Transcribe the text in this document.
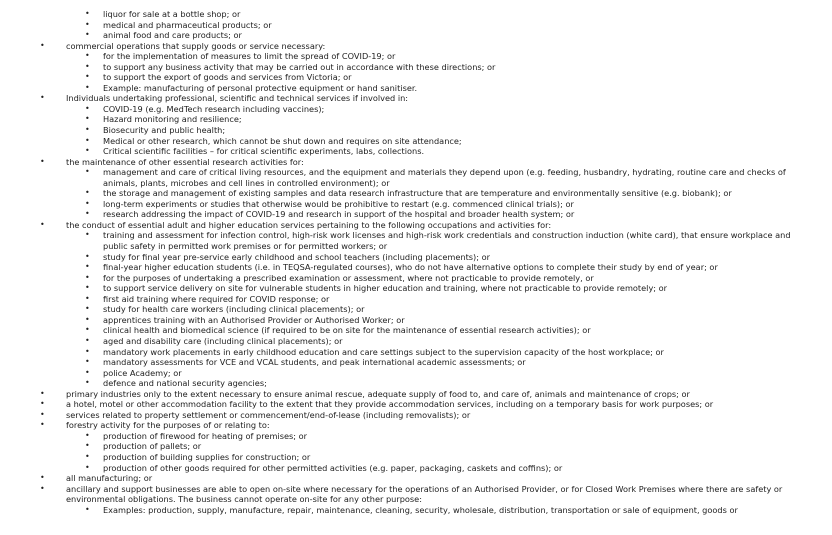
• liquor for sale at a bottle shop; or
• medical and pharmaceutical products; or
• animal food and care products; or
•	commercial operations that supply goods or service necessary:
• for the implementation of measures to limit the spread of COVID-19; or
• to support any business activity that may be carried out in accordance with these directions; or
• to support the export of goods and services from Victoria; or
• Example: manufacturing of personal protective equipment or hand sanitiser.
•	Individuals undertaking professional, scientific and technical services if involved in:
• COVID-19 (e.g. MedTech research including vaccines);
• Hazard monitoring and resilience;
• Biosecurity and public health;
• Medical or other research, which cannot be shut down and requires on site attendance;
• Critical scientific facilities – for critical scientific experiments, labs, collections.
•	the maintenance of other essential research activities for:
• management and care of critical living resources, and the equipment and materials they depend upon (e.g. feeding, husbandry, hydrating, routine care and checks of animals, plants, microbes and cell lines in controlled environment); or
• the storage and management of existing samples and data research infrastructure that are temperature and environmentally sensitive (e.g. biobank); or
• long-term experiments or studies that otherwise would be prohibitive to restart (e.g. commenced clinical trials); or
• research addressing the impact of COVID-19 and research in support of the hospital and broader health system; or
•	the conduct of essential adult and higher education services pertaining to the following occupations and activities for:
• training and assessment for infection control, high-risk work licenses and high-risk work credentials and construction induction (white card), that ensure workplace and public safety in permitted work premises or for permitted workers; or
• study for final year pre-service early childhood and school teachers (including placements); or
• final-year higher education students (i.e. in TEQSA-regulated courses), who do not have alternative options to complete their study by end of year; or
• for the purposes of undertaking a prescribed examination or assessment, where not practicable to provide remotely, or
• to support service delivery on site for vulnerable students in higher education and training, where not practicable to provide remotely; or
• first aid training where required for COVID response; or
• study for health care workers (including clinical placements); or
• apprentices training with an Authorised Provider or Authorised Worker; or
• clinical health and biomedical science (if required to be on site for the maintenance of essential research activities); or
• aged and disability care (including clinical placements); or
• mandatory work placements in early childhood education and care settings subject to the supervision capacity of the host workplace; or
• mandatory assessments for VCE and VCAL students, and peak international academic assessments; or
• police Academy; or
• defence and national security agencies;
•	primary industries only to the extent necessary to ensure animal rescue, adequate supply of food to, and care of, animals and maintenance of crops; or
•	a hotel, motel or other accommodation facility to the extent that they provide accommodation services, including on a temporary basis for work purposes; or
•	services related to property settlement or commencement/end-of-lease (including removalists); or
•	forestry activity for the purposes of or relating to:
• production of firewood for heating of premises; or
• production of pallets; or
• production of building supplies for construction; or
• production of other goods required for other permitted activities (e.g. paper, packaging, caskets and coffins); or
•	all manufacturing; or
•	ancillary and support businesses are able to open on-site where necessary for the operations of an Authorised Provider, or for Closed Work Premises where there are safety or environmental obligations. The business cannot operate on-site for any other purpose:
• Examples: production, supply, manufacture, repair, maintenance, cleaning, security, wholesale, distribution, transportation or sale of equipment, goods or
